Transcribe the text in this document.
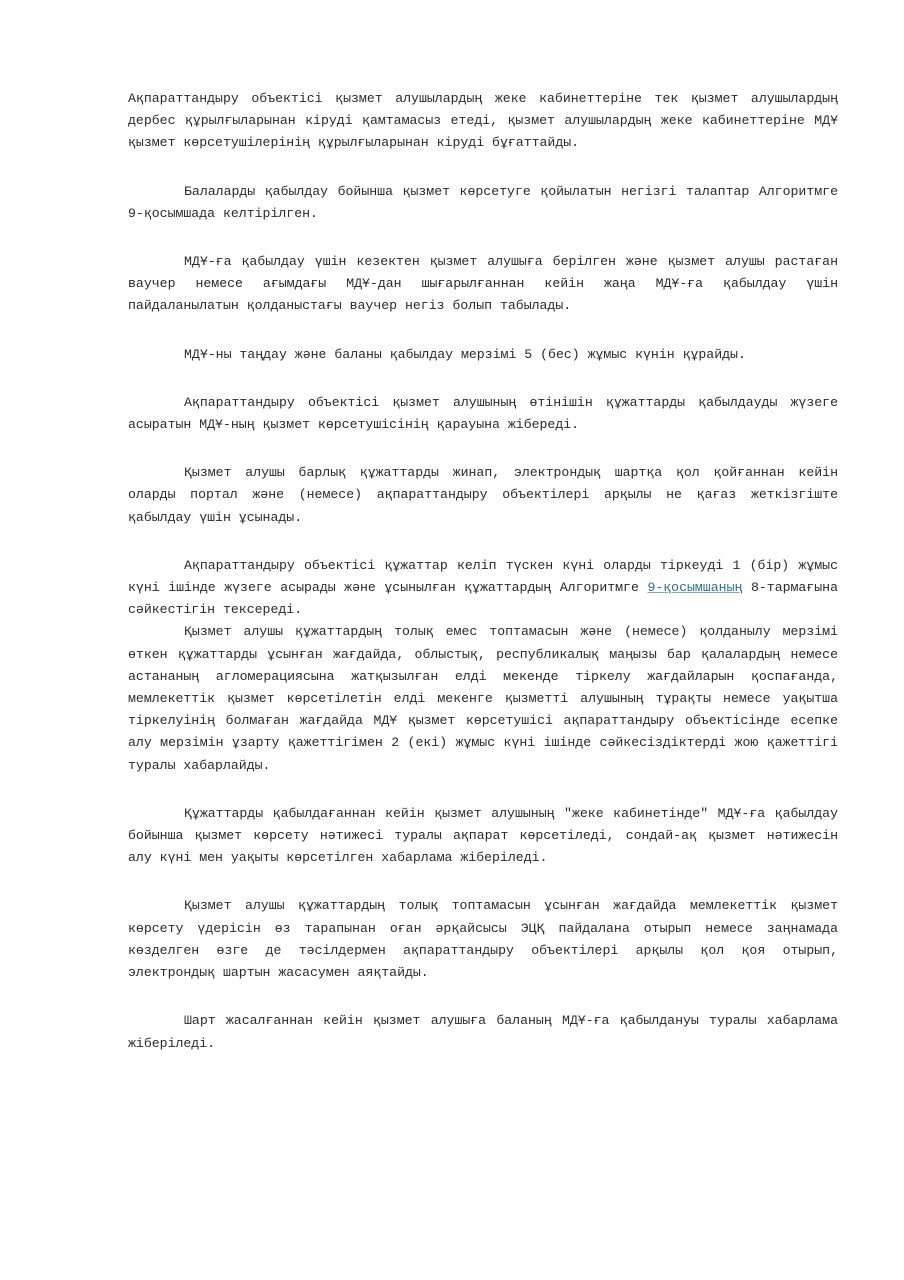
Ақпараттандыру объектісі қызмет алушылардың жеке кабинеттеріне тек қызмет алушылардың дербес құрылғыларынан кіруді қамтамасыз етеді, қызмет алушылардың жеке кабинеттеріне МДҰ қызмет көрсетушілерінің құрылғыларынан кіруді бұғаттайды.

Балаларды қабылдау бойынша қызмет көрсетуге қойылатын негізгі талаптар Алгоритмге 9-қосымшада келтірілген.

МДҰ-ға қабылдау үшін кезектен қызмет алушыға берілген және қызмет алушы растаған ваучер немесе ағымдағы МДҰ-дан шығарылғаннан кейін жаңа МДҰ-ға қабылдау үшін пайдаланылатын қолданыстағы ваучер негіз болып табылады.

МДҰ-ны таңдау және баланы қабылдау мерзімі 5 (бес) жұмыс күнін құрайды.

Ақпараттандыру объектісі қызмет алушының өтінішін құжаттарды қабылдауды жүзеге асыратын МДҰ-ның қызмет көрсетушісінің қарауына жібереді.

Қызмет алушы барлық құжаттарды жинап, электрондық шартқа қол қойғаннан кейін оларды портал және (немесе) ақпараттандыру объектілері арқылы не қағаз жеткізгіште қабылдау үшін ұсынады.

Ақпараттандыру объектісі құжаттар келіп түскен күні оларды тіркеуді 1 (бір) жұмыс күні ішінде жүзеге асырады және ұсынылған құжаттардың Алгоритмге 9-қосымшаның 8-тармағына сәйкестігін тексереді.

Қызмет алушы құжаттардың толық емес топтамасын және (немесе) қолданылу мерзімі өткен құжаттарды ұсынған жағдайда, облыстық, республикалық маңызы бар қалалардың немесе астананың агломерациясына жатқызылған елді мекенде тіркелу жағдайларын қоспағанда, мемлекеттік қызмет көрсетілетін елді мекенге қызметті алушының тұрақты немесе уақытша тіркелуінің болмаған жағдайда МДҰ қызмет көрсетушісі ақпараттандыру объектісінде есепке алу мерзімін ұзарту қажеттігімен 2 (екі) жұмыс күні ішінде сәйкесіздіктерді жою қажеттігі туралы хабарлайды.

Құжаттарды қабылдағаннан кейін қызмет алушының "жеке кабинетінде" МДҰ-ға қабылдау бойынша қызмет көрсету нәтижесі туралы ақпарат көрсетіледі, сондай-ақ қызмет нәтижесін алу күні мен уақыты көрсетілген хабарлама жіберіледі.

Қызмет алушы құжаттардың толық топтамасын ұсынған жағдайда мемлекеттік қызмет көрсету үдерісін өз тарапынан оған әрқайсысы ЭЦҚ пайдалана отырып немесе заңнамада көзделген өзге де тәсілдермен ақпараттандыру объектілері арқылы қол қоя отырып, электрондық шартын жасасумен аяқтайды.

Шарт жасалғаннан кейін қызмет алушыға баланың МДҰ-ға қабылдануы туралы хабарлама жіберіледі.
